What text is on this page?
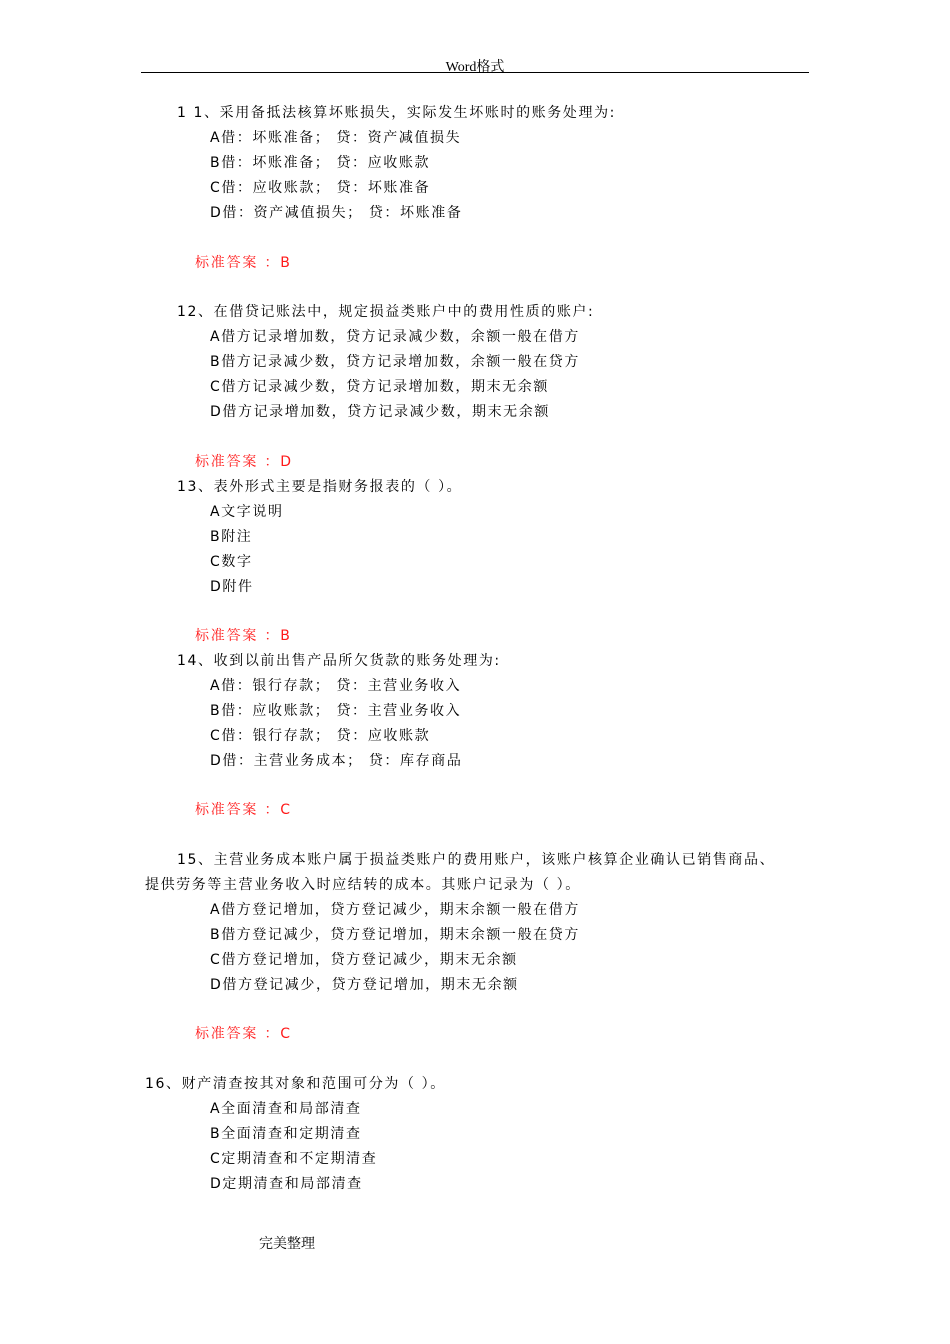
Word格式
1 1、采用备抵法核算坏账损失，实际发生坏账时的账务处理为:
A借：坏账准备； 贷：资产减值损失
B借：坏账准备； 贷：应收账款
C借：应收账款； 贷：坏账准备
D借：资产减值损失； 贷：坏账准备
标准答案 ：B
12、在借贷记账法中，规定损益类账户中的费用性质的账户:
A借方记录增加数，贷方记录减少数，余额一般在借方
B借方记录减少数，贷方记录增加数，余额一般在贷方
C借方记录减少数，贷方记录增加数，期末无余额
D借方记录增加数，贷方记录减少数，期末无余额
标准答案 ：D
13、表外形式主要是指财务报表的（ ）。
A文字说明
B附注
C数字
D附件
标准答案 ：B
14、收到以前出售产品所欠货款的账务处理为:
A借：银行存款； 贷：主营业务收入
B借：应收账款； 贷：主营业务收入
C借：银行存款； 贷：应收账款
D借：主营业务成本； 贷：库存商品
标准答案 ：C
15、主营业务成本账户属于损益类账户的费用账户，该账户核算企业确认已销售商品、
提供劳务等主营业务收入时应结转的成本。其账户记录为（ ）。
A借方登记增加，贷方登记减少，期末余额一般在借方
B借方登记减少，贷方登记增加，期末余额一般在贷方
C借方登记增加，贷方登记减少，期末无余额
D借方登记减少，贷方登记增加，期末无余额
标准答案 ：C
16、财产清查按其对象和范围可分为（ ）。
A全面清查和局部清查
B全面清查和定期清查
C定期清查和不定期清查
D定期清查和局部清查
完美整理
